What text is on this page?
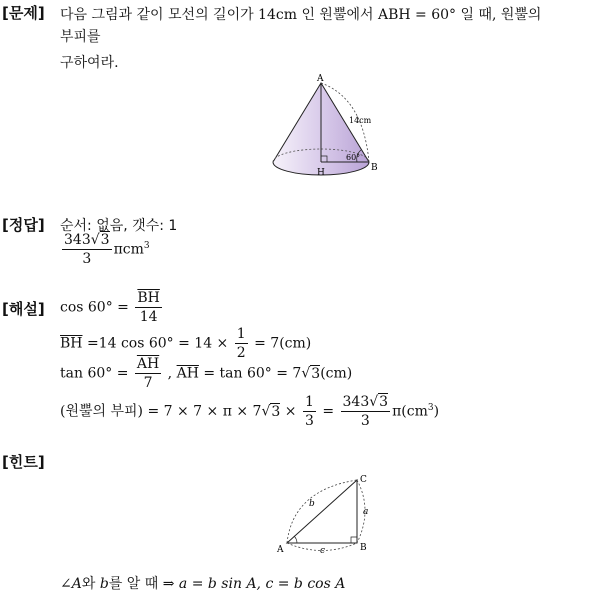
[문제] 다음 그림과 같이 모선의 길이가 14cm 인 원뿔에서 ABH = 60° 일 때, 원뿔의
부피를
구하여라.
A
H	B
14cm
60°
[정답] 순서: 없음, 갯수: 1
$\frac{343√3}{3} \pi cm^3$
[해설] $\cos 60^\circ = \frac{\overline{BH}}{14}$
$\overline{BH} =14$ $\cos 60^\circ = 14 \times \frac{1}{2} = 7(cm)$
$\tan 60^\circ = \frac{\overline{AH}}{7}$ , $\overline{AH} = \tan 60^\circ = 7√3(cm)$
(원뿔의 부피) = $7 \times 7 \times \pi \times 7√3 \times \frac{1}{3} = \frac{343√3}{3} \pi(cm^3)$
[힌트]
A	B
C
a
b
c
∠A와 b를 알 때 ⇒ a = b sin A, c = b cos A
